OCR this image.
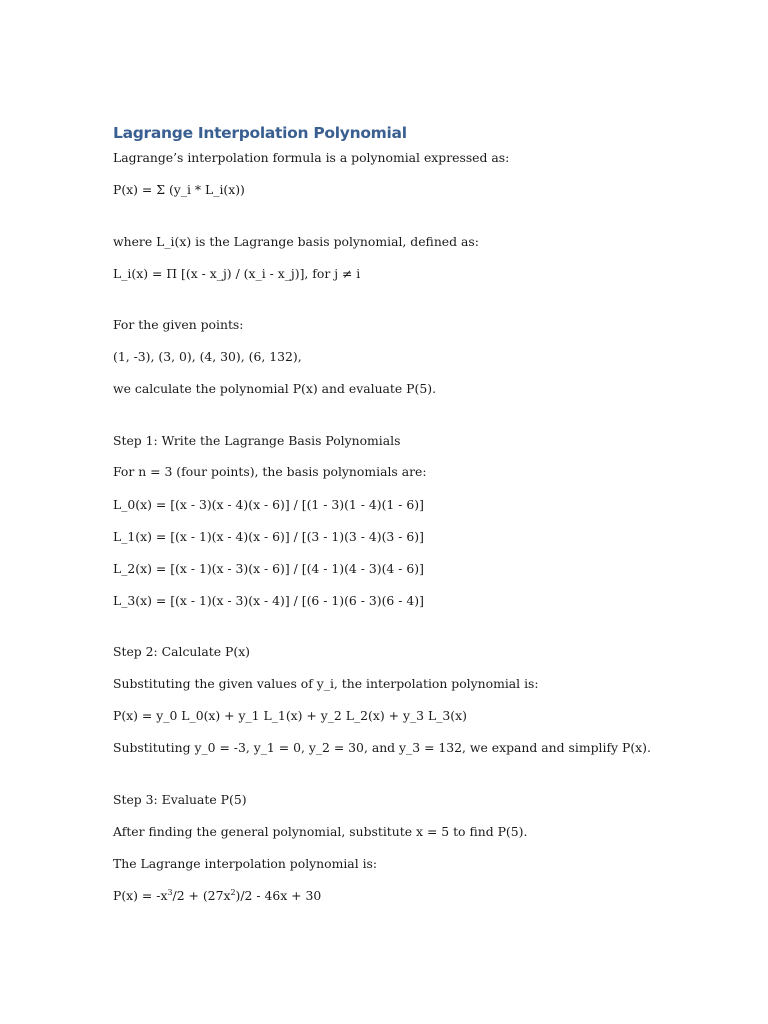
Lagrange Interpolation Polynomial

Lagrange’s interpolation formula is a polynomial expressed as:

P(x) = Σ (y_i * L_i(x))

where L_i(x) is the Lagrange basis polynomial, defined as:

L_i(x) = Π [(x - x_j) / (x_i - x_j)], for j ≠ i

For the given points:

(1, -3), (3, 0), (4, 30), (6, 132),

we calculate the polynomial P(x) and evaluate P(5).

Step 1: Write the Lagrange Basis Polynomials

For n = 3 (four points), the basis polynomials are:

L_0(x) = [(x - 3)(x - 4)(x - 6)] / [(1 - 3)(1 - 4)(1 - 6)]

L_1(x) = [(x - 1)(x - 4)(x - 6)] / [(3 - 1)(3 - 4)(3 - 6)]

L_2(x) = [(x - 1)(x - 3)(x - 6)] / [(4 - 1)(4 - 3)(4 - 6)]

L_3(x) = [(x - 1)(x - 3)(x - 4)] / [(6 - 1)(6 - 3)(6 - 4)]

Step 2: Calculate P(x)

Substituting the given values of y_i, the interpolation polynomial is:

P(x) = y_0 L_0(x) + y_1 L_1(x) + y_2 L_2(x) + y_3 L_3(x)

Substituting y_0 = -3, y_1 = 0, y_2 = 30, and y_3 = 132, we expand and simplify P(x).

Step 3: Evaluate P(5)

After finding the general polynomial, substitute x = 5 to find P(5).

The Lagrange interpolation polynomial is:

$P(x) = -x^3/2 + (27x^2)/2 - 46x + 30$
